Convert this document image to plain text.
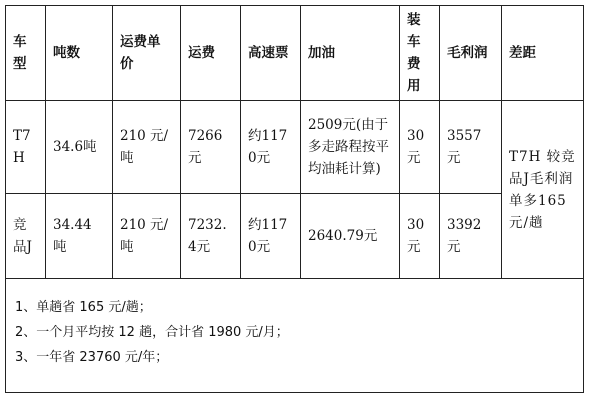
车型	吨数	运费单价	运费	高速票	加油	装车费用	毛利润	差距
T7H	34.6吨	210 元/吨	7266元	约1170元	2509元(由于多走路程按平均油耗计算)	30元	3557元	T7H 较竞品J毛利润单多165元/趟
竞品J	34.44吨	210 元/吨	7232.4元	约1170元	2640.79元	30元	3392元	

1、单趟省 165 元/趟；
2、一个月平均按 12 趟，合计省 1980 元/月；
3、一年省 23760 元/年；								
